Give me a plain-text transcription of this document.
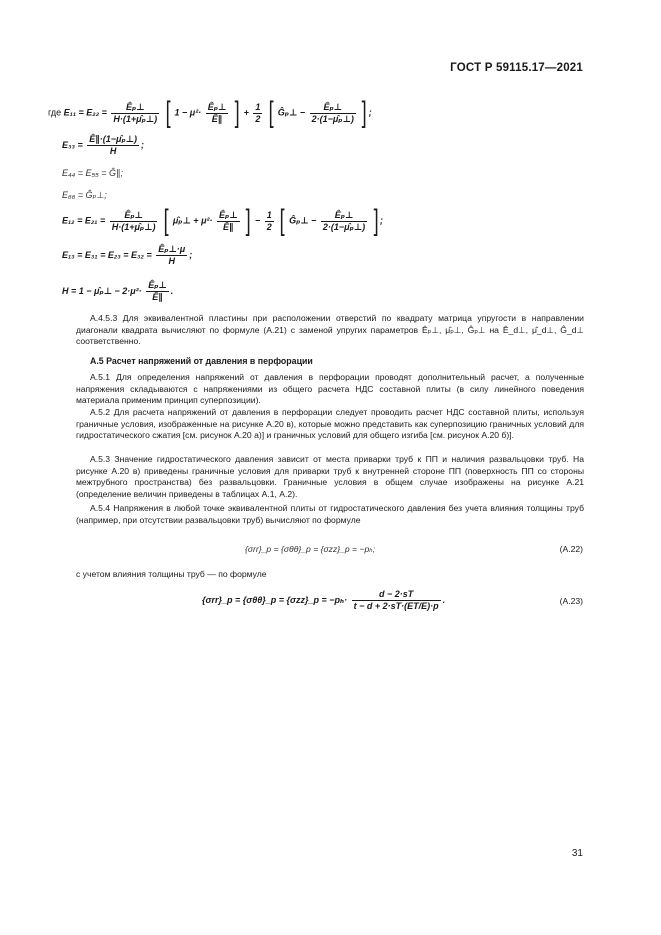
ГОСТ Р 59115.17—2021
где $E_{11} = E_{22} = \frac{\text{Êₚ⊥}}{\text{H·(1+μ̂ₚ⊥)}}$ [ $1 - \mu^2\cdot \frac{\text{Êₚ⊥}}{Ê\parallel}$ ] + $\frac{1}{2}$ [ Ĝₚ⊥ − $\frac{\text{Êₚ⊥}}{\text{2·(1−μ̂ₚ⊥)}}$ ] ;
$E_{33} = \frac{\text{Ê∥·(1−μ̂ₚ⊥)}}{H}$ ;
E₄₄ = E₅₅ = Ĝ∥;
E₆₆ = Ĝₚ⊥;
$E_{12} = E_{21} = \frac{\text{Êₚ⊥}}{\text{H·(1+μ̂ₚ⊥)}}$ [ μ̂ₚ⊥ + $\mu^2\cdot \frac{\text{Êₚ⊥}}{Ê\parallel}$ ] − $\frac{1}{2}$ [ Ĝₚ⊥ − $\frac{\text{Êₚ⊥}}{\text{2·(1−μ̂ₚ⊥)}}$ ] ;
$E_{13} = E_{31} = E_{23} = E_{32} = \frac{\text{Êₚ⊥·μ}}{H}$ ;
H = 1 − μ̂ₚ⊥ − $2\cdot\mu^2\cdot \frac{\text{Êₚ⊥}}{Ê\parallel}$ .
А.4.5.3 Для эквивалентной пластины при расположении отверстий по квадрату матрица упругости в направлении диагонали квадрата вычисляют по формуле (А.21) с заменой упругих параметров Êₚ⊥, μ̂ₚ⊥, Ĝₚ⊥ на Ê_d⊥, μ̂_d⊥, Ĝ_d⊥ соответственно.
А.5 Расчет напряжений от давления в перфорации
А.5.1 Для определения напряжений от давления в перфорации проводят дополнительный расчет, а полученные напряжения складываются с напряжениями из общего расчета НДС составной плиты (в силу линейного поведения материала применим принцип суперпозиции).
А.5.2 Для расчета напряжений от давления в перфорации следует проводить расчет НДС составной плиты, используя граничные условия, изображенные на рисунке А.20 в), которые можно представить как суперпозицию граничных условий для гидростатического сжатия [см. рисунок А.20 а)] и граничных условий для общего изгиба [см. рисунок А.20 б)].
А.5.3 Значение гидростатического давления зависит от места приварки труб к ПП и наличия развальцовки труб. На рисунке А.20 в) приведены граничные условия для приварки труб к внутренней стороне ПП (поверхность ПП со стороны межтрубного пространства) без развальцовки. Граничные условия в общем случае изображены на рисунке А.21 (определение величин приведены в таблицах А.1, А.2).
А.5.4 Напряжения в любой точке эквивалентной плиты от гидростатического давления без учета влияния толщины труб (например, при отсутствии развальцовки труб) вычисляют по формуле
{σrr}_p = {σθθ}_p = {σzz}_p = −pₕ;	(А.22)
с учетом влияния толщины труб — по формуле
{σrr}_p = {σθθ}_p = {σzz}_p = $-p_h\cdot \frac{d - 2\cdot sT}{t - d + 2\cdot sT\cdot(ET/E)\cdot p}$ .	(А.23)
31
